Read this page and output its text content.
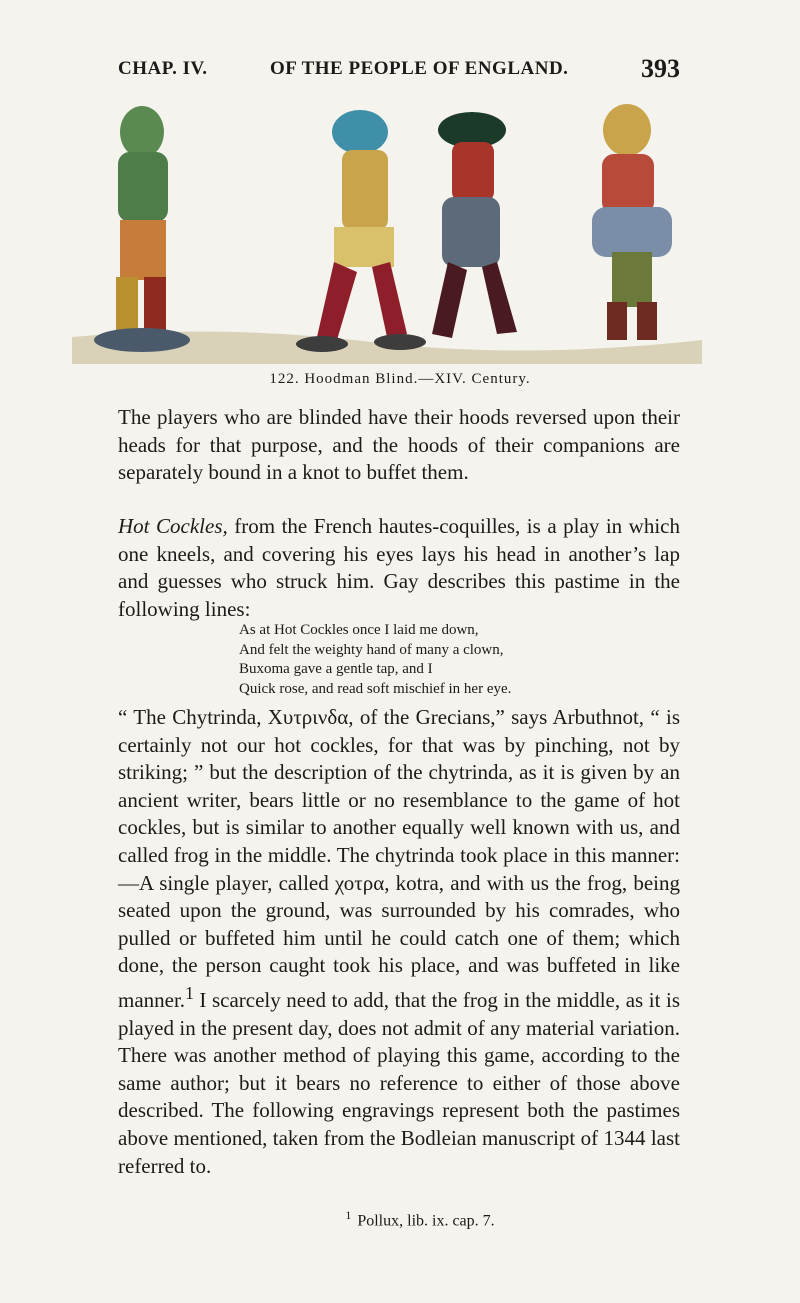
CHAP. IV.	OF THE PEOPLE OF ENGLAND.	393
122. Hoodman Blind.—XIV. Century.
The players who are blinded have their hoods reversed upon their heads for that purpose, and the hoods of their companions are separately bound in a knot to buffet them.
Hot Cockles, from the French hautes-coquilles, is a play in which one kneels, and covering his eyes lays his head in another’s lap and guesses who struck him. Gay describes this pastime in the following lines:
As at Hot Cockles once I laid me down,
And felt the weighty hand of many a clown,
Buxoma gave a gentle tap, and I
Quick rose, and read soft mischief in her eye.
“ The Chytrinda, Χυτρινδα, of the Grecians,” says Arbuthnot, “ is certainly not our hot cockles, for that was by pinching, not by striking; ” but the description of the chytrinda, as it is given by an ancient writer, bears little or no resemblance to the game of hot cockles, but is similar to another equally well known with us, and called frog in the middle. The chytrinda took place in this manner:—A single player, called χοτρα, kotra, and with us the frog, being seated upon the ground, was surrounded by his comrades, who pulled or buffeted him until he could catch one of them; which done, the person caught took his place, and was buffeted in like manner.$^1$ I scarcely need to add, that the frog in the middle, as it is played in the present day, does not admit of any material variation. There was another method of playing this game, according to the same author; but it bears no reference to either of those above described. The following engravings represent both the pastimes above mentioned, taken from the Bodleian manuscript of 1344 last referred to.
$^1$ Pollux, lib. ix. cap. 7.
